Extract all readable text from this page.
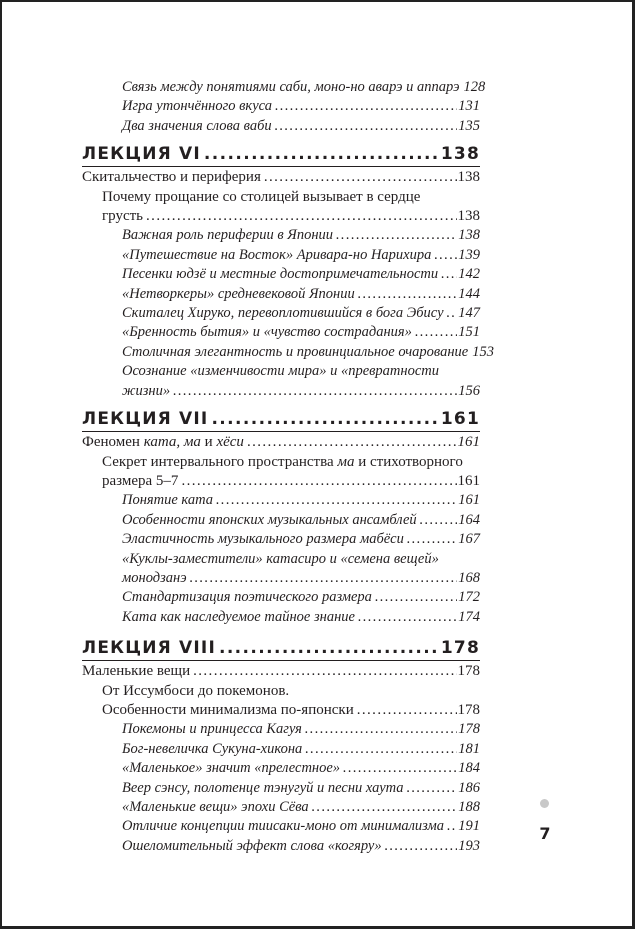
Связь между понятиями саби, моно-но аварэ и аппарэ 128
Игра утончённого вкуса .....	131
Два значения слова ваби .....	135
ЛЕКЦИЯ VI .....	138
Скитальчество и периферия .....	138
Почему прощание со столицей вызывает в сердце
грусть .....	138
Важная роль периферии в Японии .....	138
«Путешествие на Восток» Аривара-но Нарихира ..... 139
Песенки юдзё и местные достопримечательности ..... 142
«Нетворкеры» средневековой Японии .....	144
Скиталец Хируко, перевоплотившийся в бога Эбису ..... 147
«Бренность бытия» и «чувство сострадания» .....	151
Столичная элегантность и провинциальное очарование 153
Осознание «изменчивости мира» и «превратности
жизни» .....	156
ЛЕКЦИЯ VII .....	161
Феномен ката, ма и хёси .....	161
Секрет интервального пространства ма и стихотворного
размера 5–7 .....	161
Понятие ката .....	161
Особенности японских музыкальных ансамблей .....	164
Эластичность музыкального размера мабёси .....	167
«Куклы-заместители» катасиро и «семена вещей»
монодзанэ .....	168
Стандартизация поэтического размера .....	172
Ката как наследуемое тайное знание .....	174
ЛЕКЦИЯ VIII .....	178
Маленькие вещи .....	178
От Иссумбоси до покемонов.
Особенности минимализма по-японски .....	178
Покемоны и принцесса Кагуя .....	178
Бог-невеличка Сукуна-хикона .....	181
«Маленькое» значит «прелестное» .....	184
Веер сэнсу, полотенце тэнугуй и песни хаута .....	186
«Маленькие вещи» эпохи Сёва .....	188
Отличие концепции тиисаки-моно от минимализма ..... 191
Ошеломительный эффект слова «когяру» .....	193
7
